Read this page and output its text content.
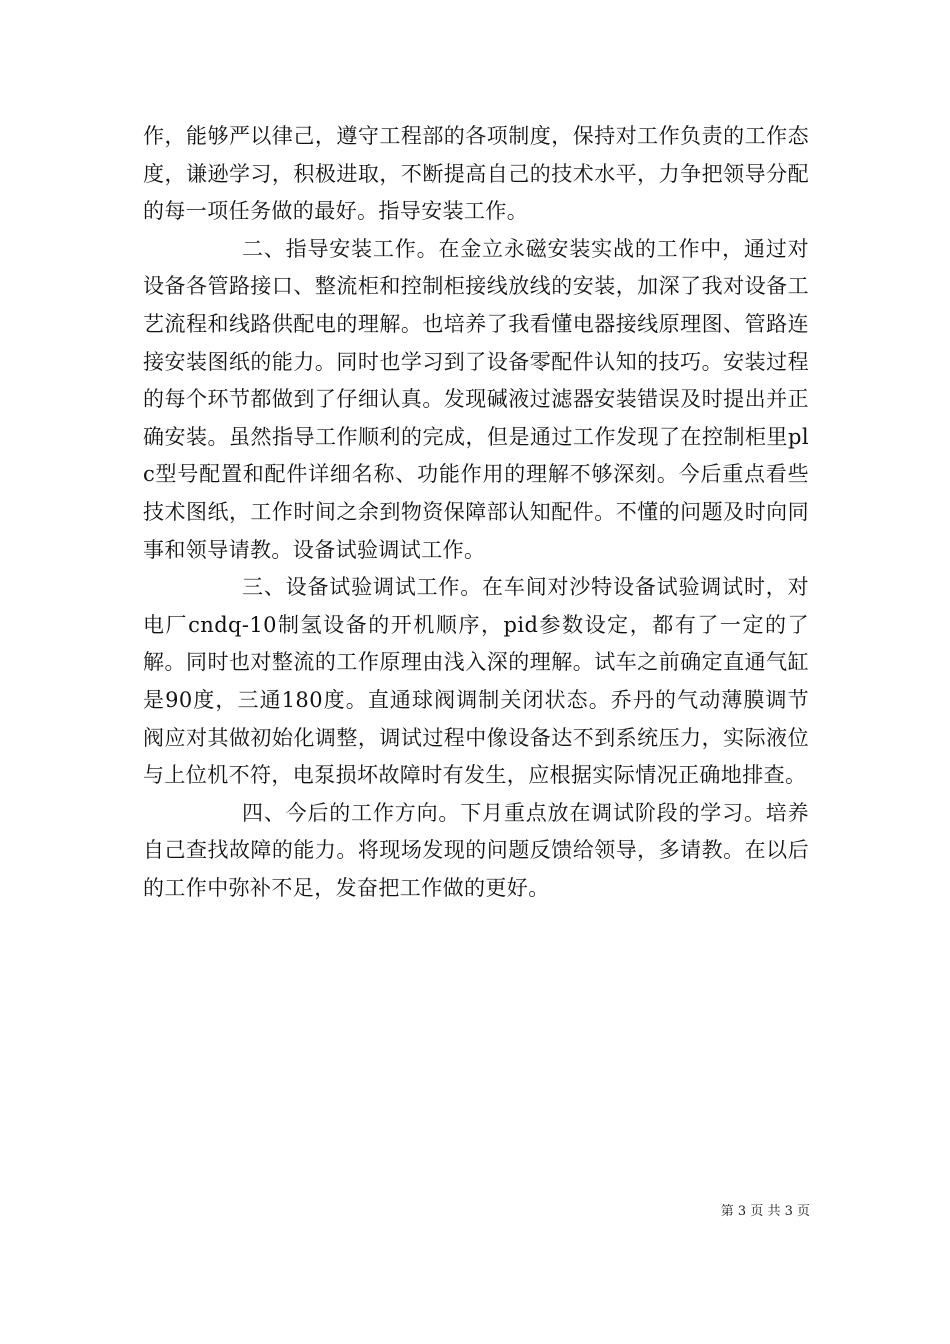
作，能够严以律己，遵守工程部的各项制度，保持对工作负责的工作态度，谦逊学习，积极进取，不断提高自己的技术水平，力争把领导分配的每一项任务做的最好。指导安装工作。

二、指导安装工作。在金立永磁安装实战的工作中，通过对设备各管路接口、整流柜和控制柜接线放线的安装，加深了我对设备工艺流程和线路供配电的理解。也培养了我看懂电器接线原理图、管路连接安装图纸的能力。同时也学习到了设备零配件认知的技巧。安装过程的每个环节都做到了仔细认真。发现碱液过滤器安装错误及时提出并正确安装。虽然指导工作顺利的完成，但是通过工作发现了在控制柜里plc型号配置和配件详细名称、功能作用的理解不够深刻。今后重点看些技术图纸，工作时间之余到物资保障部认知配件。不懂的问题及时向同事和领导请教。设备试验调试工作。

三、设备试验调试工作。在车间对沙特设备试验调试时，对电厂cndq-10制氢设备的开机顺序，pid参数设定，都有了一定的了解。同时也对整流的工作原理由浅入深的理解。试车之前确定直通气缸是90度，三通180度。直通球阀调制关闭状态。乔丹的气动薄膜调节阀应对其做初始化调整，调试过程中像设备达不到系统压力，实际液位与上位机不符，电泵损坏故障时有发生，应根据实际情况正确地排查。

四、今后的工作方向。下月重点放在调试阶段的学习。培养自己查找故障的能力。将现场发现的问题反馈给领导，多请教。在以后的工作中弥补不足，发奋把工作做的更好。

第 3 页 共 3 页
